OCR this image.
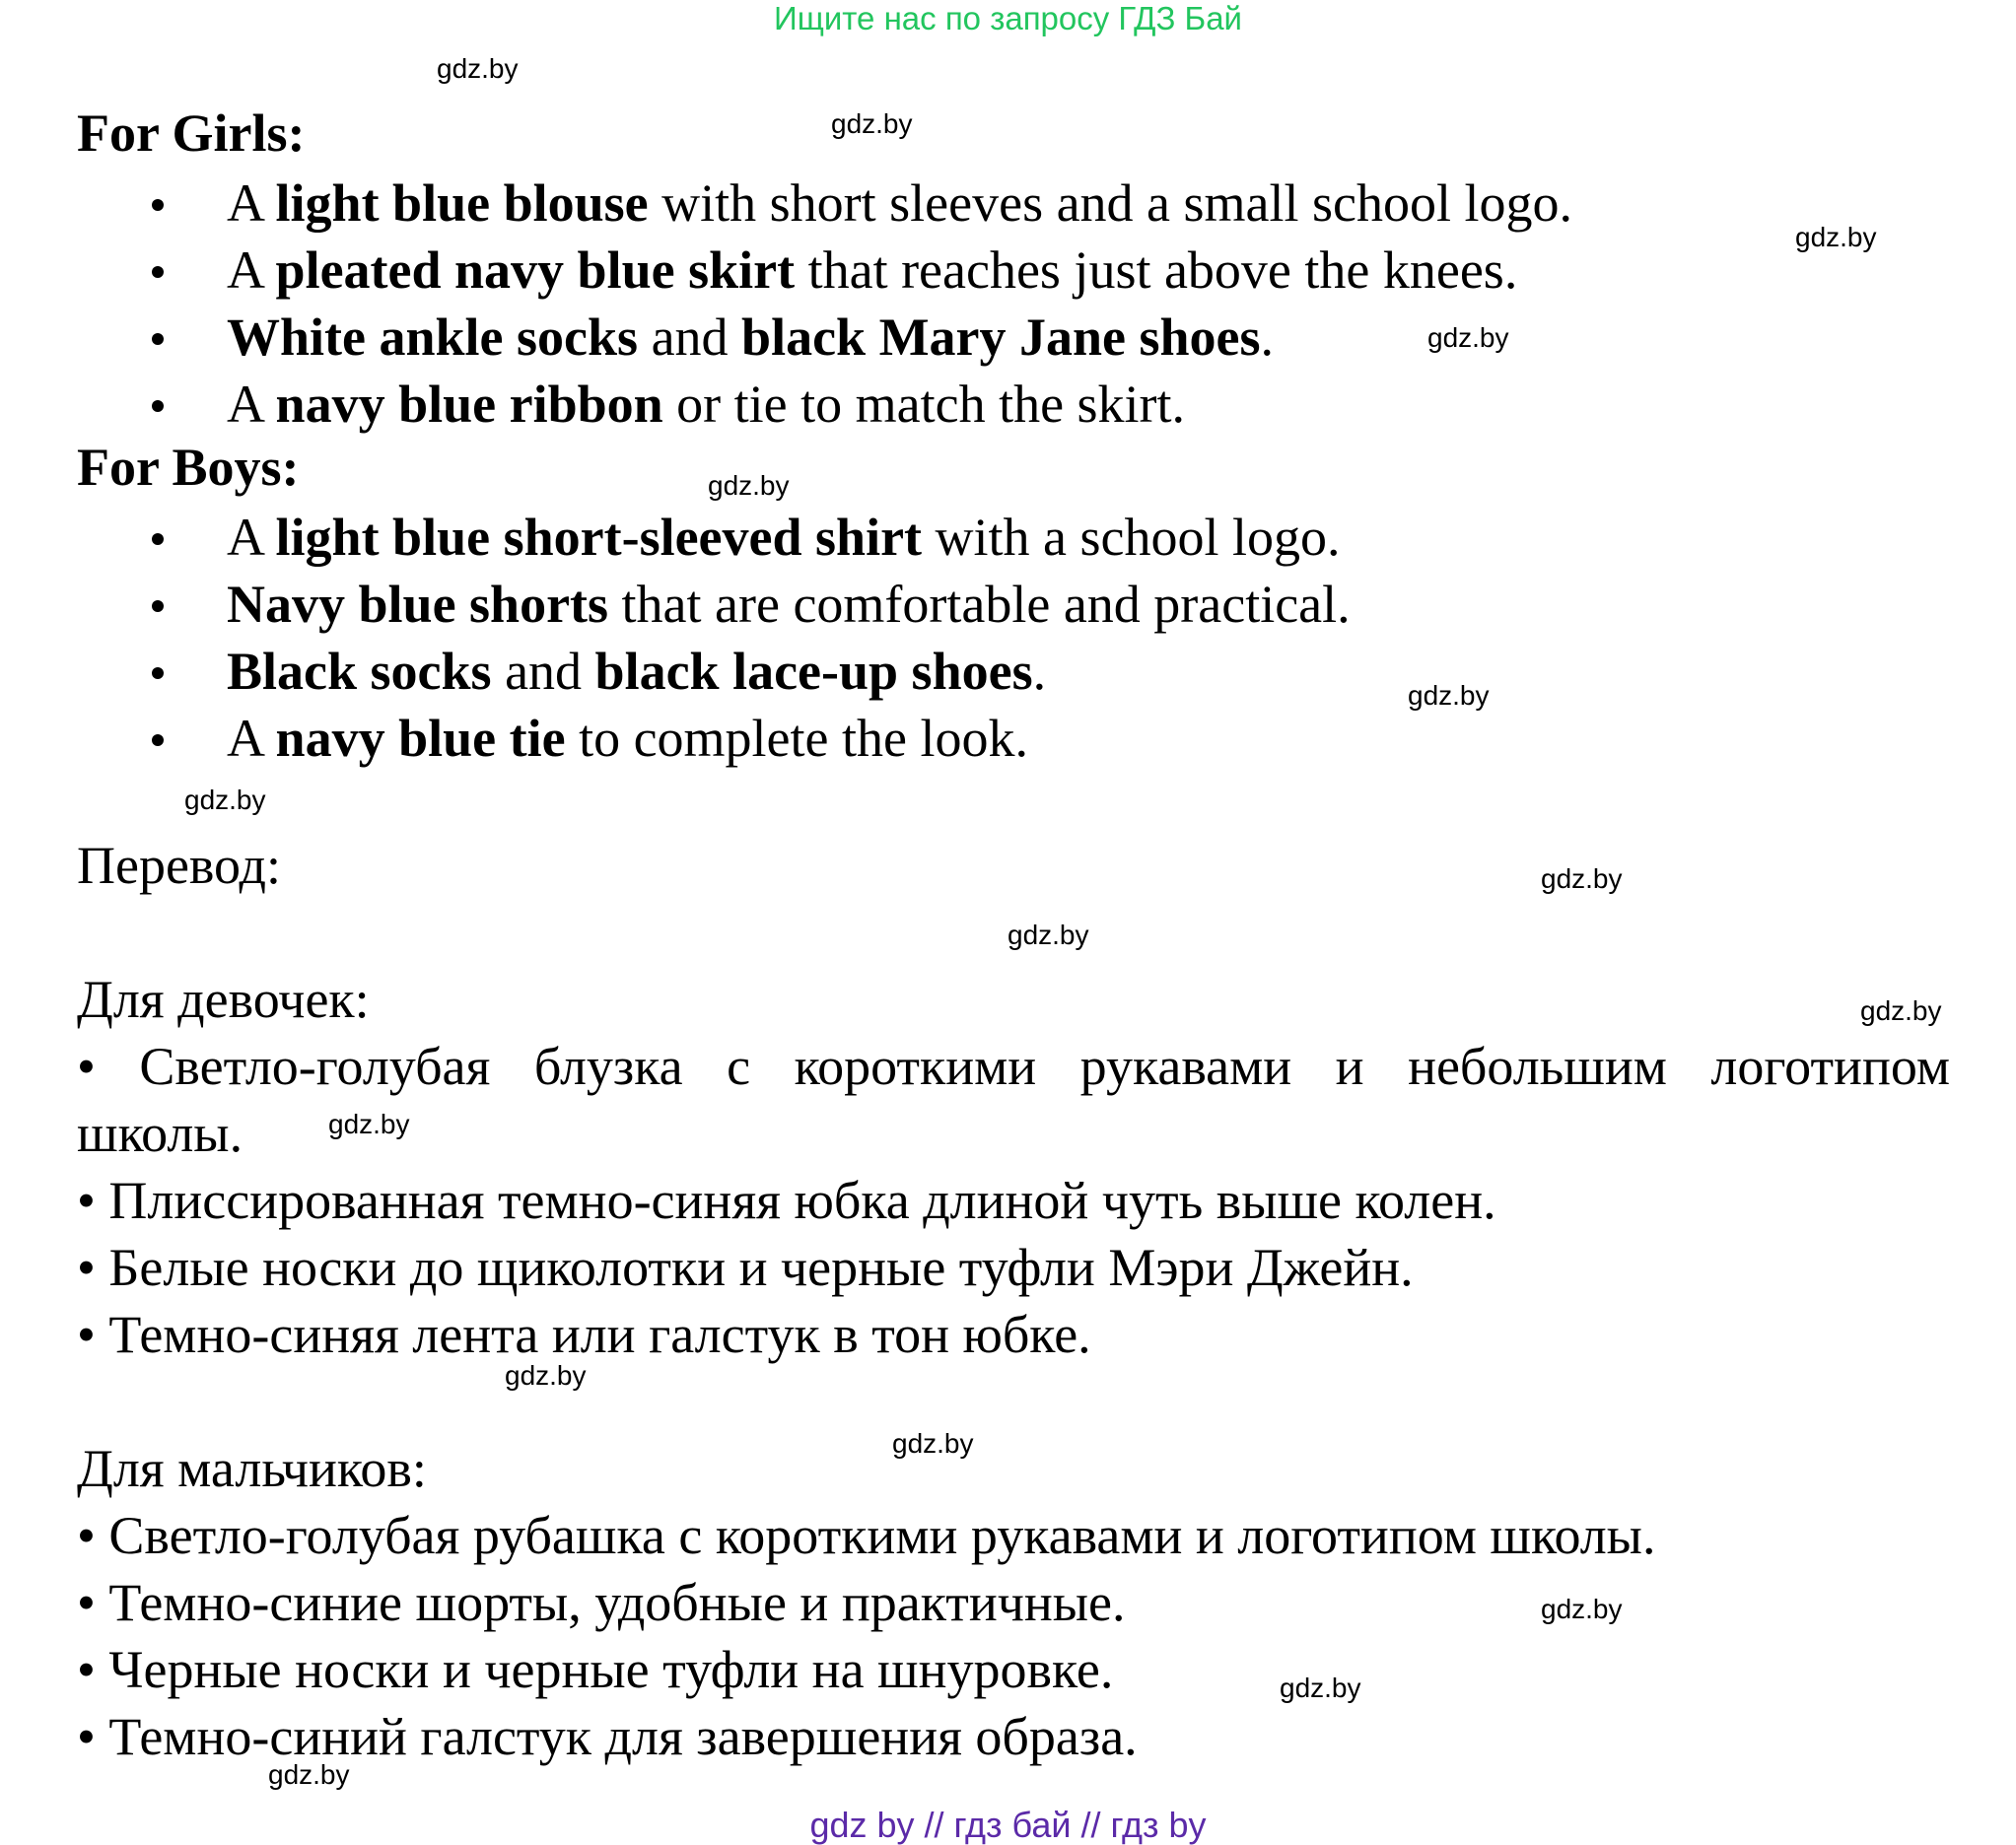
Ищите нас по запросу ГДЗ Бай
For Girls:
A light blue blouse with short sleeves and a small school logo.
A pleated navy blue skirt that reaches just above the knees.
White ankle socks and black Mary Jane shoes.
A navy blue ribbon or tie to match the skirt.
For Boys:
A light blue short-sleeved shirt with a school logo.
Navy blue shorts that are comfortable and practical.
Black socks and black lace-up shoes.
A navy blue tie to complete the look.
Перевод:
Для девочек:
• Светло-голубая блузка с короткими рукавами и небольшим логотипом
школы.
• Плиссированная темно-синяя юбка длиной чуть выше колен.
• Белые носки до щиколотки и черные туфли Мэри Джейн.
• Темно-синяя лента или галстук в тон юбке.
Для мальчиков:
• Светло-голубая рубашка с короткими рукавами и логотипом школы.
• Темно-синие шорты, удобные и практичные.
• Черные носки и черные туфли на шнуровке.
• Темно-синий галстук для завершения образа.
gdz.by
gdz.by
gdz.by
gdz.by
gdz.by
gdz.by
gdz.by
gdz.by
gdz.by
gdz.by
gdz.by
gdz.by
gdz.by
gdz.by
gdz.by
gdz.by
gdz by // гдз бай // гдз by
